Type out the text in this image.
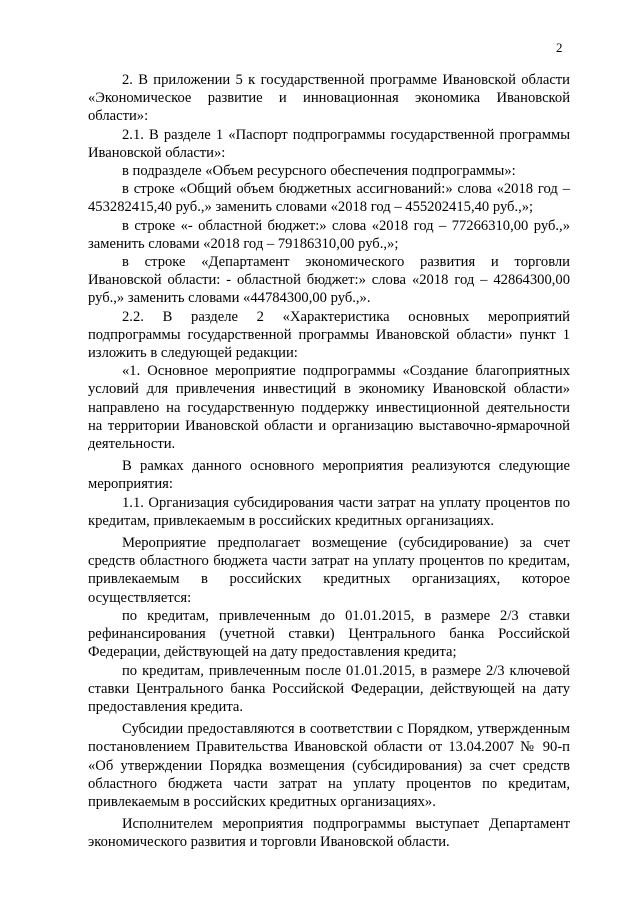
2

2. В приложении 5 к государственной программе Ивановской области «Экономическое развитие и инновационная экономика Ивановской области»:

2.1. В разделе 1 «Паспорт подпрограммы государственной программы Ивановской области»:

в подразделе «Объем ресурсного обеспечения подпрограммы»:

в строке «Общий объем бюджетных ассигнований:» слова «2018 год – 453282415,40 руб.,» заменить словами «2018 год – 455202415,40 руб.,»;

в строке «- областной бюджет:» слова «2018 год – 77266310,00 руб.,» заменить словами «2018 год – 79186310,00 руб.,»;

в строке «Департамент экономического развития и торговли Ивановской области: - областной бюджет:» слова «2018 год – 42864300,00 руб.,» заменить словами «44784300,00 руб.,».

2.2. В разделе 2 «Характеристика основных мероприятий подпрограммы государственной программы Ивановской области» пункт 1 изложить в следующей редакции:

«1. Основное мероприятие подпрограммы «Создание благоприятных условий для привлечения инвестиций в экономику Ивановской области» направлено на государственную поддержку инвестиционной деятельности на территории Ивановской области и организацию выставочно-ярмарочной деятельности.

В рамках данного основного мероприятия реализуются следующие мероприятия:

1.1. Организация субсидирования части затрат на уплату процентов по кредитам, привлекаемым в российских кредитных организациях.

Мероприятие предполагает возмещение (субсидирование) за счет средств областного бюджета части затрат на уплату процентов по кредитам, привлекаемым в российских кредитных организациях, которое осуществляется:

по кредитам, привлеченным до 01.01.2015, в размере 2/3 ставки рефинансирования (учетной ставки) Центрального банка Российской Федерации, действующей на дату предоставления кредита;

по кредитам, привлеченным после 01.01.2015, в размере 2/3 ключевой ставки Центрального банка Российской Федерации, действующей на дату предоставления кредита.

Субсидии предоставляются в соответствии с Порядком, утвержденным постановлением Правительства Ивановской области от 13.04.2007 № 90-п «Об утверждении Порядка возмещения (субсидирования) за счет средств областного бюджета части затрат на уплату процентов по кредитам, привлекаемым в российских кредитных организациях».

Исполнителем мероприятия подпрограммы выступает Департамент экономического развития и торговли Ивановской области.
